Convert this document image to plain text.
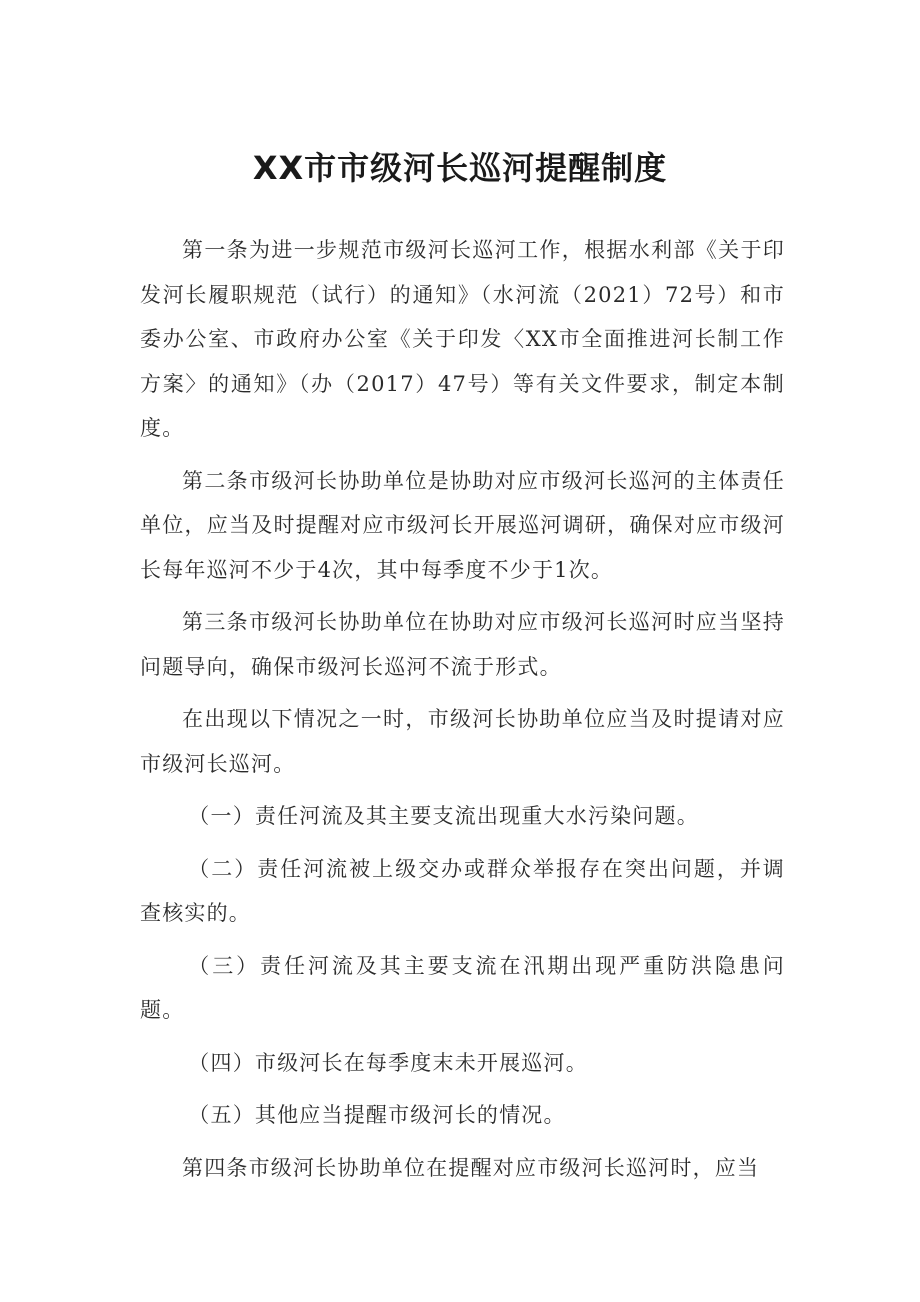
XX市市级河长巡河提醒制度

第一条为进一步规范市级河长巡河工作，根据水利部《关于印发河长履职规范（试行）的通知》（水河流（2021）72号）和市委办公室、市政府办公室《关于印发〈XX市全面推进河长制工作方案〉的通知》（办（2017）47号）等有关文件要求，制定本制度。

第二条市级河长协助单位是协助对应市级河长巡河的主体责任单位，应当及时提醒对应市级河长开展巡河调研，确保对应市级河长每年巡河不少于4次，其中每季度不少于1次。

第三条市级河长协助单位在协助对应市级河长巡河时应当坚持问题导向，确保市级河长巡河不流于形式。

在出现以下情况之一时，市级河长协助单位应当及时提请对应市级河长巡河。

（一）责任河流及其主要支流出现重大水污染问题。

（二）责任河流被上级交办或群众举报存在突出问题，并调查核实的。

（三）责任河流及其主要支流在汛期出现严重防洪隐患问题。

（四）市级河长在每季度末未开展巡河。

（五）其他应当提醒市级河长的情况。

第四条市级河长协助单位在提醒对应市级河长巡河时，应当
